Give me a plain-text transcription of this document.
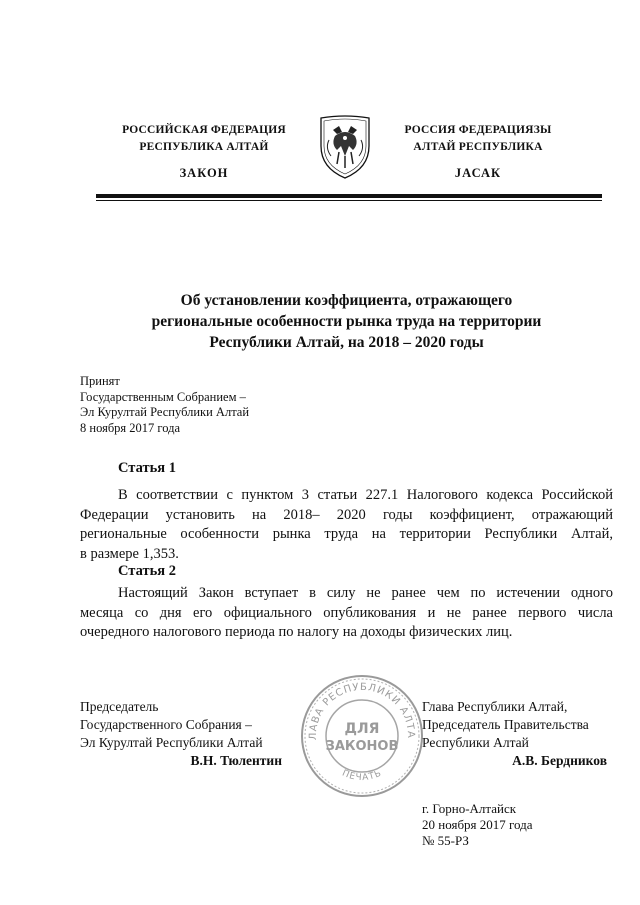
РОССИЙСКАЯ ФЕДЕРАЦИЯ
РЕСПУБЛИКА АЛТАЙ
ЗАКОН
РОССИЯ ФЕДЕРАЦИЯЗЫ
АЛТАЙ РЕСПУБЛИКА
JАСАК
Об установлении коэффициента, отражающего
региональные особенности рынка труда на территории
Республики Алтай, на 2018 – 2020 годы
Принят
Государственным Собранием –
Эл Курултай Республики Алтай
8 ноября 2017 года
Статья 1
В соответствии с пунктом 3 статьи 227.1 Налогового кодекса Российской
Федерации установить на 2018– 2020 годы коэффициент, отражающий
региональные особенности рынка труда на территории Республики Алтай,
в размере 1,353.
Статья 2
Настоящий Закон вступает в силу не ранее чем по истечении одного
месяца со дня его официального опубликования и не ранее первого числа
очередного налогового периода по налогу на доходы физических лиц.
ЛАВА РЕСПУБЛИКИ АЛТА
ПЕЧАТЬ
ДЛЯ
ЗАКОНОВ
Председатель
Государственного Собрания –
Эл Курултай Республики Алтай
В.Н. Тюлентин
Глава Республики Алтай,
Председатель Правительства
Республики Алтай
А.В. Бердников
г. Горно-Алтайск
20 ноября 2017 года
№ 55-РЗ
